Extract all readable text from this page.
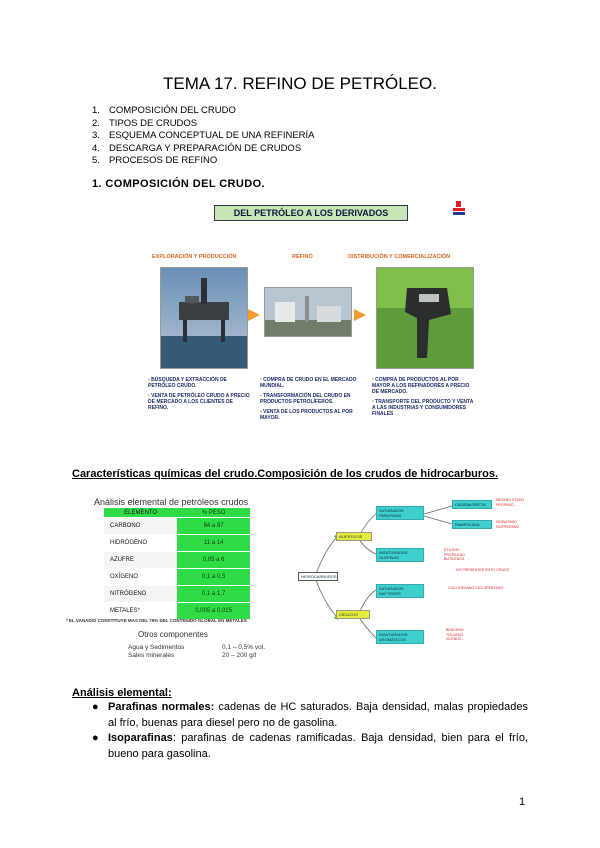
TEMA 17. REFINO DE PETRÓLEO.
1. COMPOSICIÓN DEL CRUDO
2. TIPOS DE CRUDOS
3. ESQUEMA CONCEPTUAL DE UNA REFINERÍA
4. DESCARGA Y PREPARACIÓN DE CRUDOS
5. PROCESOS DE REFINO
1. COMPOSICIÓN DEL CRUDO.
DEL PETRÓLEO A LOS DERIVADOS
EXPLORACIÓN Y PRODUCCIÓN	REFINO	DISTRIBUCIÓN Y COMERCIALIZACIÓN
• BÚSQUEDA Y EXTRACCIÓN DE PETRÓLEO CRUDO.
• VENTA DE PETRÓLEO CRUDO A PRECIO DE MERCADO A LOS CLIENTES DE REFINO.
• COMPRA DE CRUDO EN EL MERCADO MUNDIAL.
• TRANSFORMACIÓN DEL CRUDO EN PRODUCTOS PETROLÍFEROS.
• VENTA DE LOS PRODUCTOS AL POR MAYOR.
• COMPRA DE PRODUCTOS AL POR MAYOR A LOS REFINADORES A PRECIO DE MERCADO.
• TRANSPORTE DEL PRODUCTO Y VENTA A LAS INDUSTRIAS Y CONSUMIDORES FINALES
Características químicas del crudo.Composición de los crudos de hidrocarburos.
Análisis elemental de petróleos crudos
ELEMENTO	% PESO
CARBONO	84 a 87
HIDRÓGENO	11 a 14
AZUFRE	0,05 a 6
OXÍGENO	0,1 a 0,5
NITRÓGENO	0,1 a 1,7
METALES*	0,005 a 0,015
* EL VANADIO CONSTITUYE MAS DEL 75% DEL CONTENIDO GLOBAL EN METALES
Otros componentes
Agua y Sedimentos	0,1 – 0,5% vol.
Sales minerales	20 – 200 g/t
HIDROCARBUROS
ALIFÁTICOS
CÍCLICOS
SATURADOS PARAFINAS
INSATURADOS OLEFINAS
CADENA RECTA
RAMIFICADA
SATURADOS NAFTENOS
INSATURADOS AROMÁTICOS
METANO ETANO PROPANO...
ISOBUTANO ISOPENTANO
ETILENO PROPILENO BUTILENOS
NO PRESENTES EN EL CRUDO
CICLOHEXANO CICLOPENTANO
BENCENO TOLUENO XILENOS...
Análisis elemental:
● Parafinas normales: cadenas de HC saturados. Baja densidad, malas propiedades al frío, buenas para diesel pero no de gasolina.
● Isoparafinas: parafinas de cadenas ramificadas. Baja densidad, bien para el frío, bueno para gasolina.
1
